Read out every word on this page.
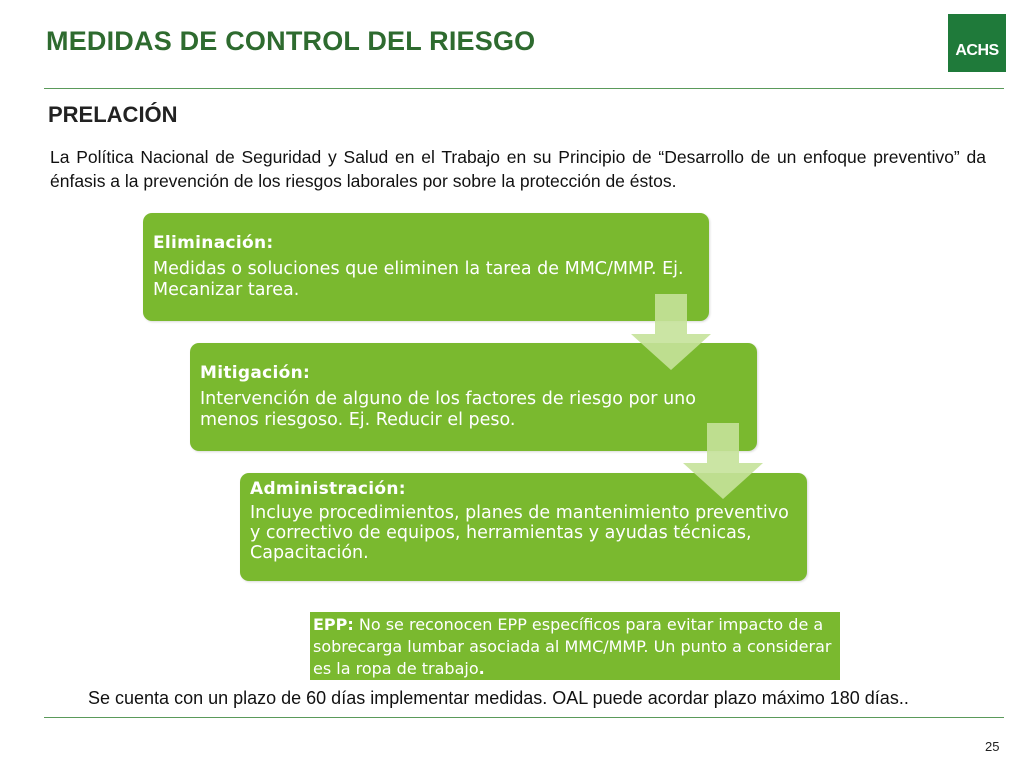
MEDIDAS DE CONTROL DEL RIESGO	ACHS
PRELACIÓN

La Política Nacional de Seguridad y Salud en el Trabajo en su Principio de “Desarrollo de un enfoque preventivo” da énfasis a la prevención de los riesgos laborales por sobre la protección de éstos.

Eliminación:
Medidas o soluciones que eliminen la tarea de MMC/MMP. Ej. Mecanizar tarea.
Mitigación:
Intervención de alguno de los factores de riesgo por uno menos riesgoso. Ej. Reducir el peso.
Administración:
Incluye procedimientos, planes de mantenimiento preventivo y correctivo de equipos, herramientas y ayudas técnicas, Capacitación.
EPP: No se reconocen EPP específicos para evitar impacto de a sobrecarga lumbar asociada al MMC/MMP. Un punto a considerar es la ropa de trabajo.

Se cuenta con un plazo de 60 días implementar medidas. OAL puede acordar plazo máximo 180 días..

25
